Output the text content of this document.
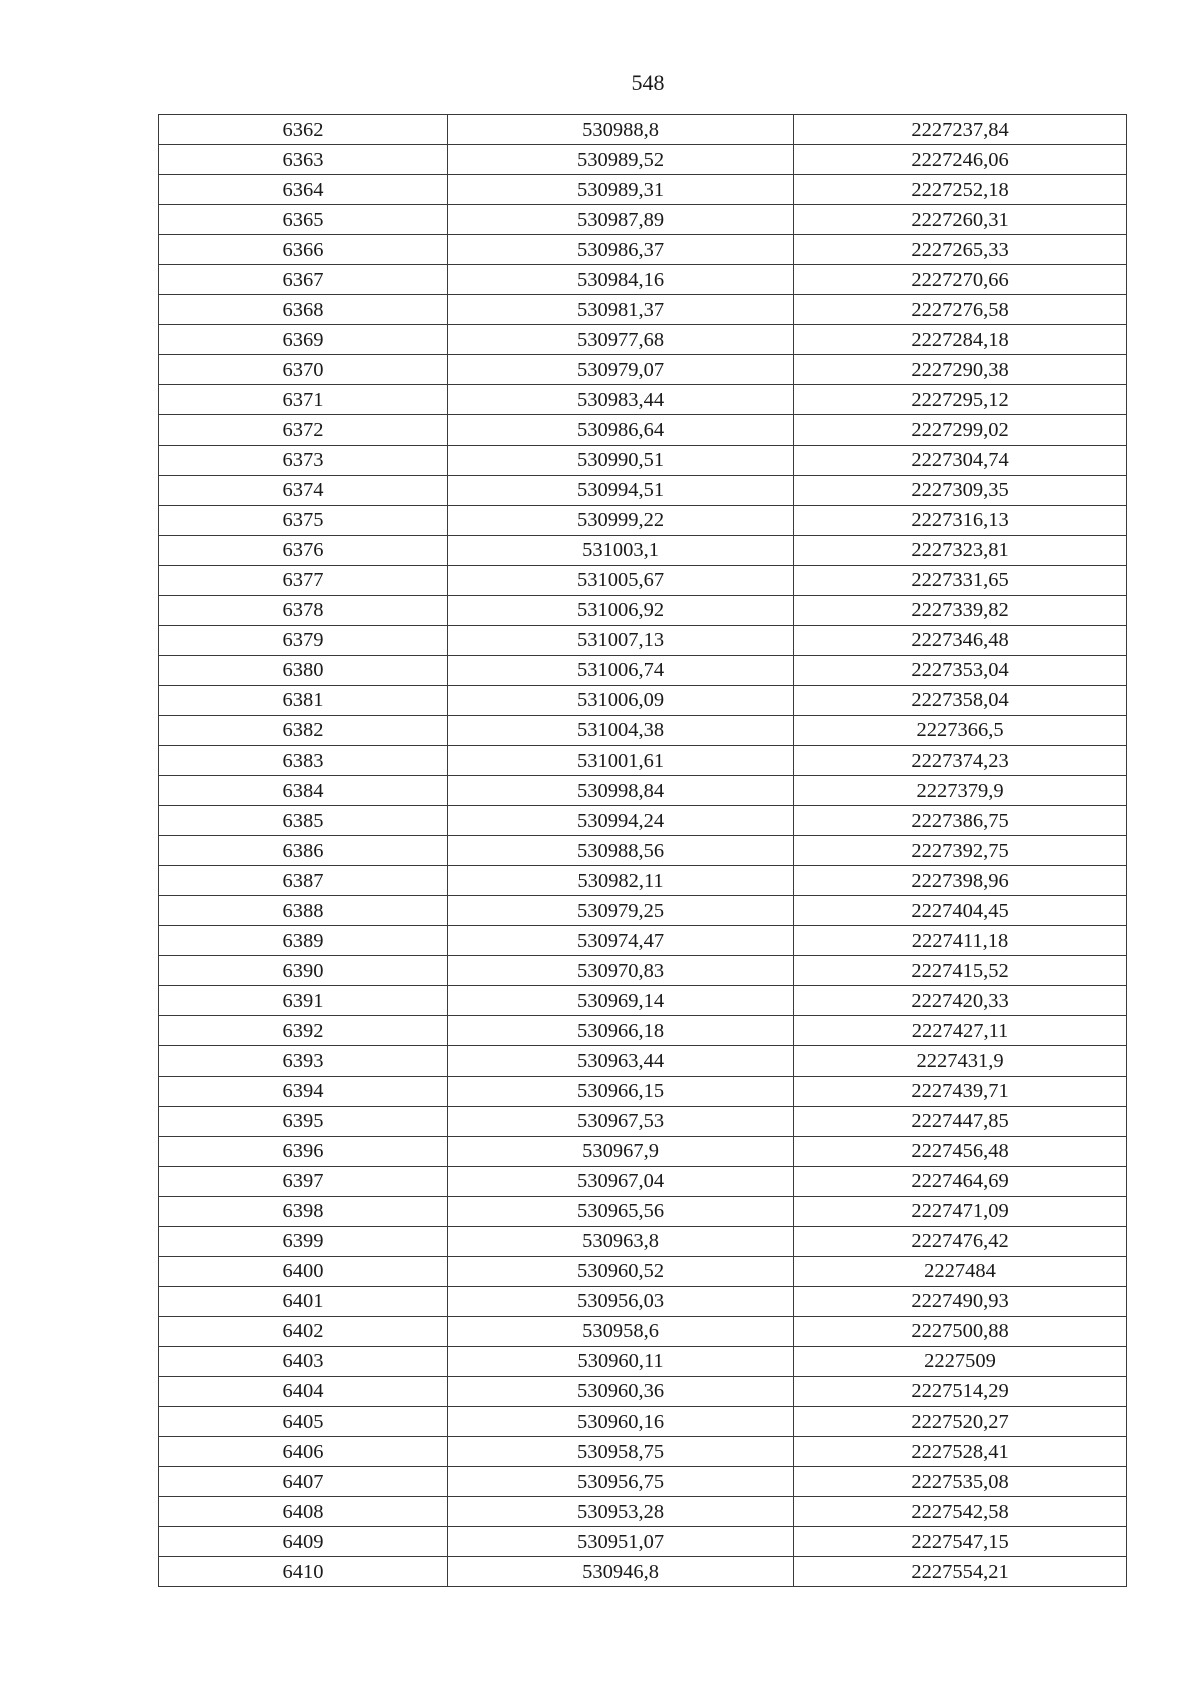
548
6362	530988,8	2227237,84
6363	530989,52	2227246,06
6364	530989,31	2227252,18
6365	530987,89	2227260,31
6366	530986,37	2227265,33
6367	530984,16	2227270,66
6368	530981,37	2227276,58
6369	530977,68	2227284,18
6370	530979,07	2227290,38
6371	530983,44	2227295,12
6372	530986,64	2227299,02
6373	530990,51	2227304,74
6374	530994,51	2227309,35
6375	530999,22	2227316,13
6376	531003,1	2227323,81
6377	531005,67	2227331,65
6378	531006,92	2227339,82
6379	531007,13	2227346,48
6380	531006,74	2227353,04
6381	531006,09	2227358,04
6382	531004,38	2227366,5
6383	531001,61	2227374,23
6384	530998,84	2227379,9
6385	530994,24	2227386,75
6386	530988,56	2227392,75
6387	530982,11	2227398,96
6388	530979,25	2227404,45
6389	530974,47	2227411,18
6390	530970,83	2227415,52
6391	530969,14	2227420,33
6392	530966,18	2227427,11
6393	530963,44	2227431,9
6394	530966,15	2227439,71
6395	530967,53	2227447,85
6396	530967,9	2227456,48
6397	530967,04	2227464,69
6398	530965,56	2227471,09
6399	530963,8	2227476,42
6400	530960,52	2227484
6401	530956,03	2227490,93
6402	530958,6	2227500,88
6403	530960,11	2227509
6404	530960,36	2227514,29
6405	530960,16	2227520,27
6406	530958,75	2227528,41
6407	530956,75	2227535,08
6408	530953,28	2227542,58
6409	530951,07	2227547,15
6410	530946,8	2227554,21
